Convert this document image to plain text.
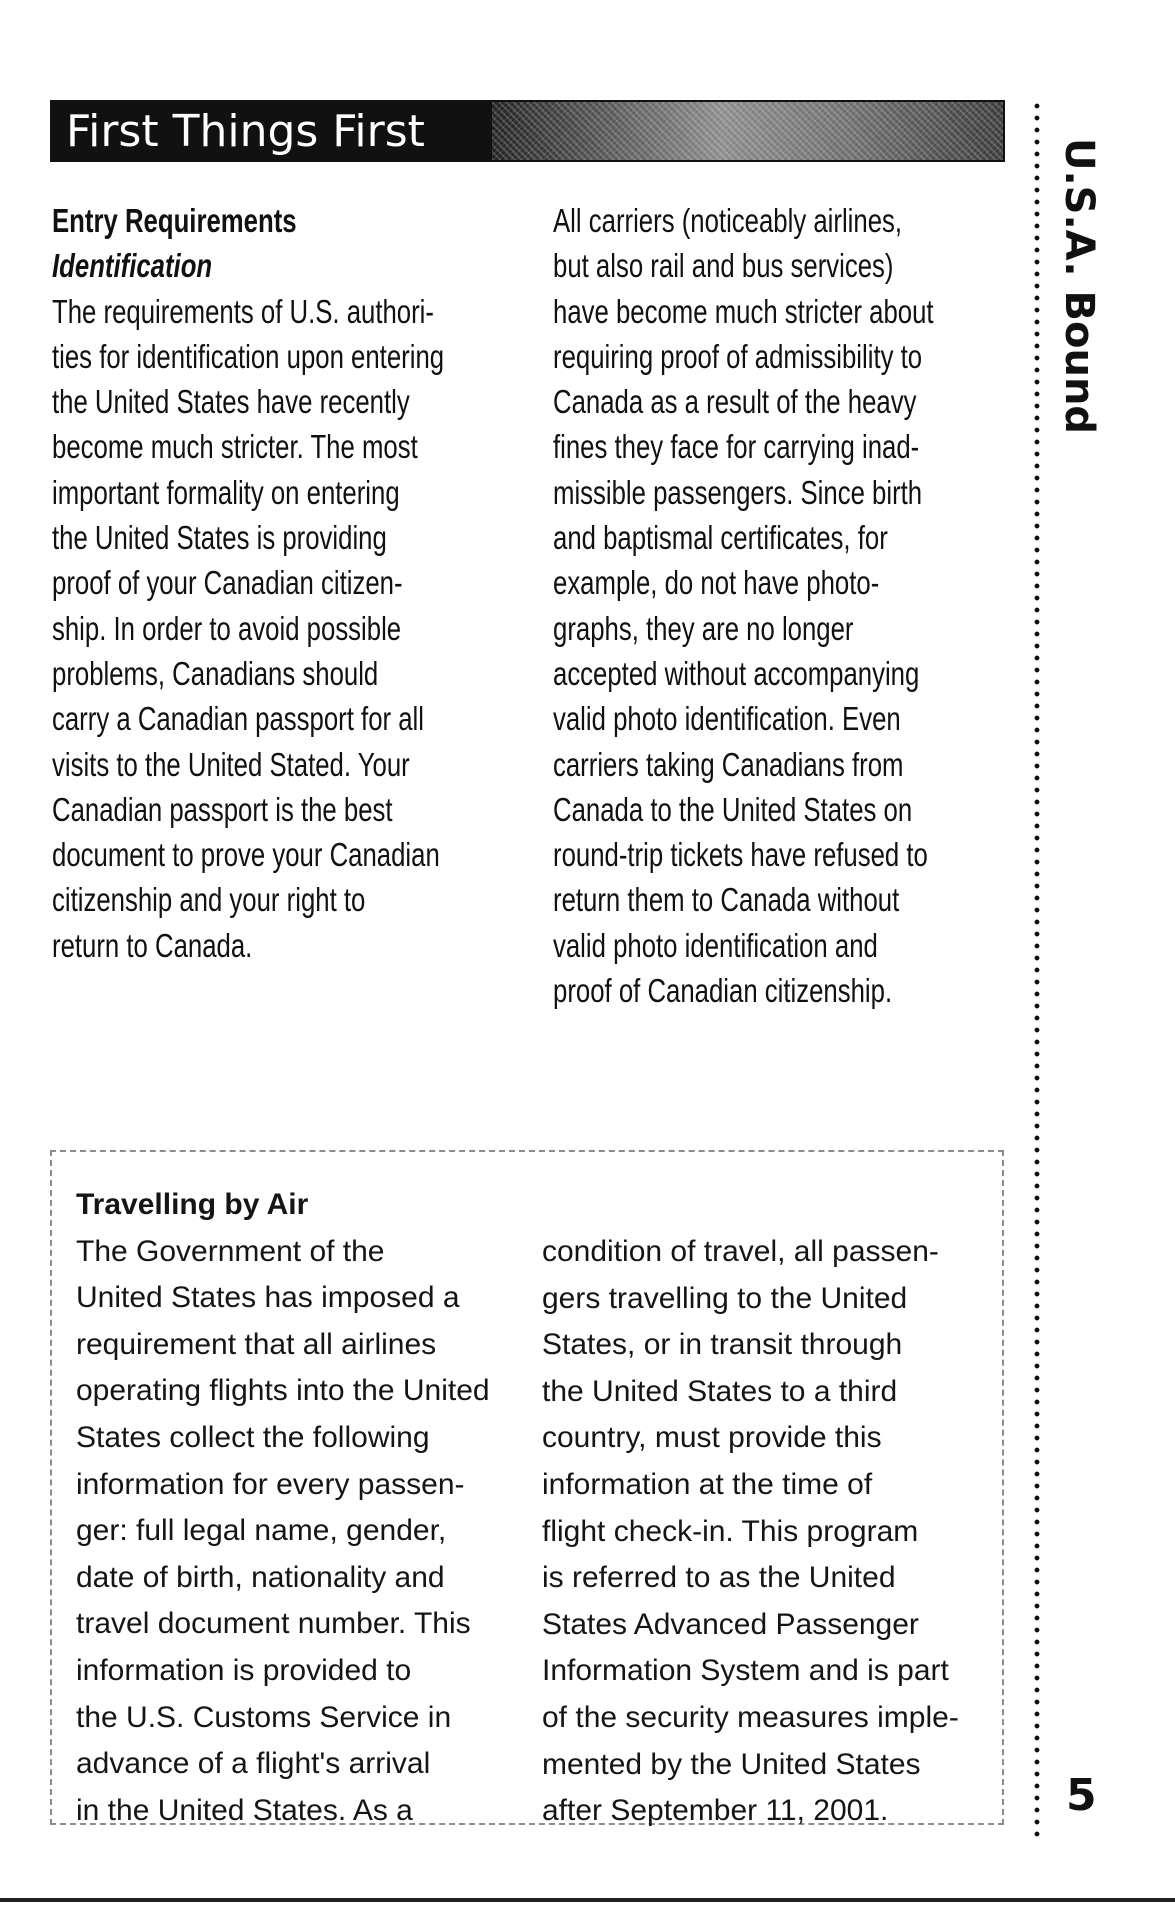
First Things First
Entry Requirements
Identification
The requirements of U.S. authori-
ties for identification upon entering
the United States have recently
become much stricter. The most
important formality on entering
the United States is providing
proof of your Canadian citizen-
ship. In order to avoid possible
problems, Canadians should
carry a Canadian passport for all
visits to the United Stated. Your
Canadian passport is the best
document to prove your Canadian
citizenship and your right to
return to Canada.
All carriers (noticeably airlines,
but also rail and bus services)
have become much stricter about
requiring proof of admissibility to
Canada as a result of the heavy
fines they face for carrying inad-
missible passengers. Since birth
and baptismal certificates, for
example, do not have photo-
graphs, they are no longer
accepted without accompanying
valid photo identification. Even
carriers taking Canadians from
Canada to the United States on
round-trip tickets have refused to
return them to Canada without
valid photo identification and
proof of Canadian citizenship.
Travelling by Air
The Government of the
United States has imposed a
requirement that all airlines
operating flights into the United
States collect the following
information for every passen-
ger: full legal name, gender,
date of birth, nationality and
travel document number. This
information is provided to
the U.S. Customs Service in
advance of a flight's arrival
in the United States. As a
condition of travel, all passen-
gers travelling to the United
States, or in transit through
the United States to a third
country, must provide this
information at the time of
flight check-in. This program
is referred to as the United
States Advanced Passenger
Information System and is part
of the security measures imple-
mented by the United States
after September 11, 2001.
U.S.A. Bound
5
